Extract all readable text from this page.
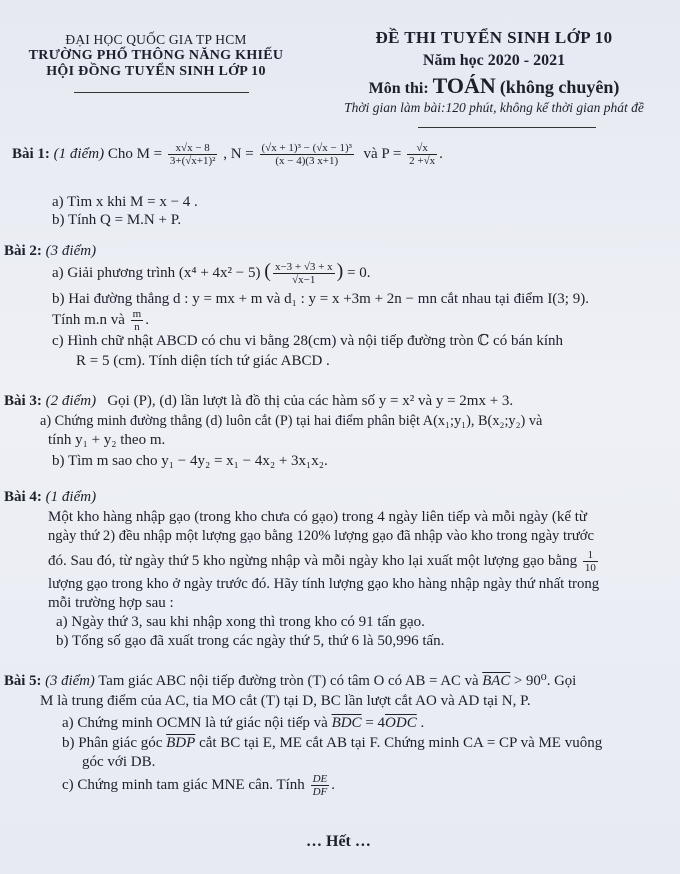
ĐẠI HỌC QUỐC GIA TP HCM
TRƯỜNG PHỔ THÔNG NĂNG KHIẾU
HỘI ĐỒNG TUYỂN SINH LỚP 10
ĐỀ THI TUYỂN SINH LỚP 10
Năm học 2020 - 2021
Môn thi: TOÁN (không chuyên)
Thời gian làm bài:120 phút, không kể thời gian phát đề
Bài 1: (1 điểm) Cho $M = \frac{x√x - 8}{\text{3+(√x+1)²}}$ , $N = \frac{\text{(√x + 1)³ − (√x − 1)³}}{(x - 4)(3 x+1)}$ và $P = \frac{√x}{2 +√x}$ .
a) Tìm x khi M = x − 4 .
b) Tính Q = M.N + P.
Bài 2: (3 điểm)
a) Giải phương trình (x⁴ + 4x² − 5) ( $\frac{x-3 + √3 + x}{√x-1}$ ) = 0.
b) Hai đường thẳng d : y = mx + m và d₁ : y = x +3m + 2n − mn cắt nhau tại điểm I(3; 9).
Tính m.n và $\frac{m}{n}$ .
c) Hình chữ nhật ABCD có chu vi bằng 28(cm) và nội tiếp đường tròn ℂ có bán kính
R = 5 (cm). Tính diện tích tứ giác ABCD .
Bài 3: (2 điểm) Gọi (P), (d) lần lượt là đồ thị của các hàm số y = x² và y = 2mx + 3.
a) Chứng minh đường thẳng (d) luôn cắt (P) tại hai điểm phân biệt A(x₁;y₁), B(x₂;y₂) và
tính y₁ + y₂ theo m.
b) Tìm m sao cho y₁ − 4y₂ = x₁ − 4x₂ + 3x₁x₂.
Bài 4: (1 điểm)
Một kho hàng nhập gạo (trong kho chưa có gạo) trong 4 ngày liên tiếp và mỗi ngày (kể từ
ngày thứ 2) đều nhập một lượng gạo bằng 120% lượng gạo đã nhập vào kho trong ngày trước
đó. Sau đó, từ ngày thứ 5 kho ngừng nhập và mỗi ngày kho lại xuất một lượng gạo bằng $\frac{1}{10}$
lượng gạo trong kho ở ngày trước đó. Hãy tính lượng gạo kho hàng nhập ngày thứ nhất trong
mỗi trường hợp sau :
a) Ngày thứ 3, sau khi nhập xong thì trong kho có 91 tấn gạo.
b) Tổng số gạo đã xuất trong các ngày thứ 5, thứ 6 là 50,996 tấn.
Bài 5: (3 điểm) Tam giác ABC nội tiếp đường tròn (T) có tâm O có AB = AC và $\overline{BAC} > 90^0$. Gọi
M là trung điểm của AC, tia MO cắt (T) tại D, BC lần lượt cắt AO và AD tại N, P.
a) Chứng minh OCMN là tứ giác nội tiếp và $\overline{BDC} = 4\overline{ODC}$ .
b) Phân giác góc $\overline{BDP}$ cắt BC tại E, ME cắt AB tại F. Chứng minh CA = CP và ME vuông
góc với DB.
c) Chứng minh tam giác MNE cân. Tính $\frac{DE}{DF}$ .
… Hết …
